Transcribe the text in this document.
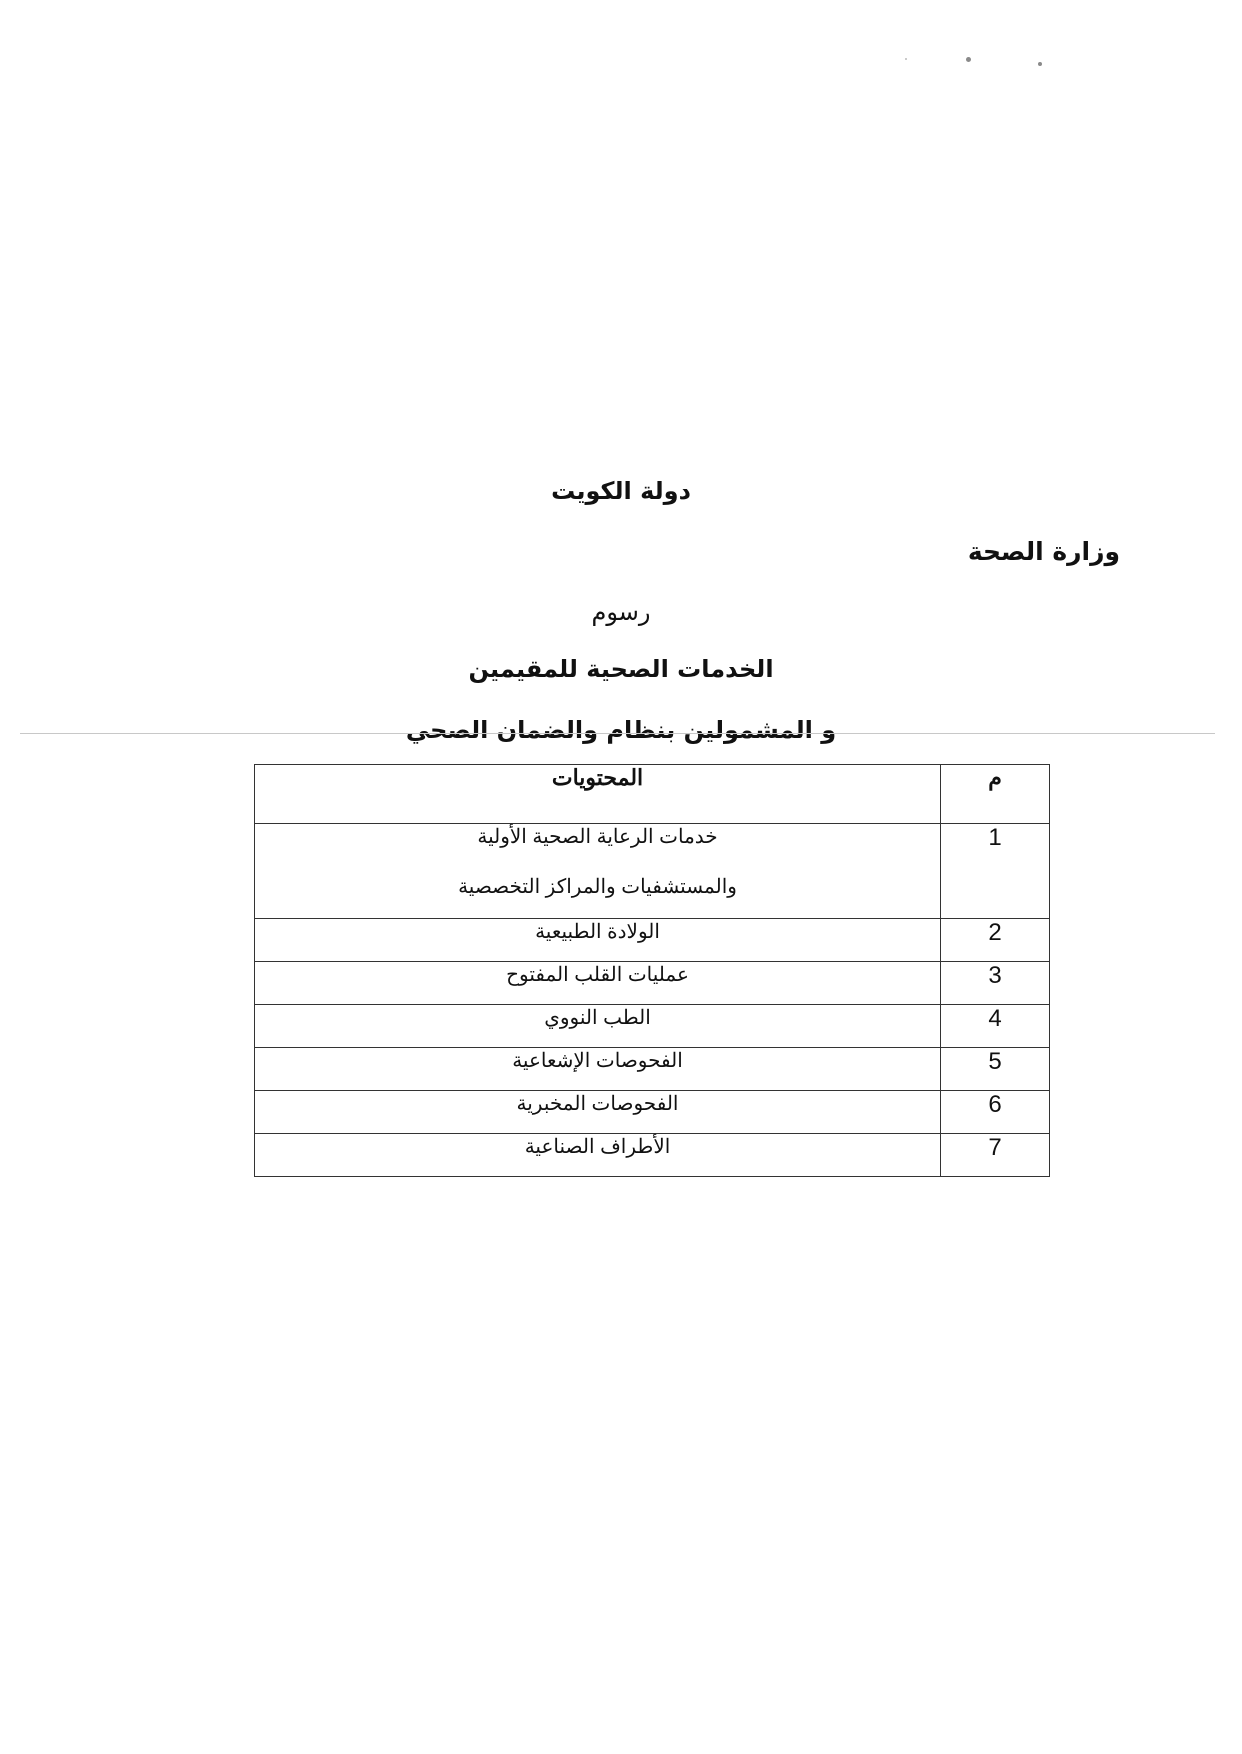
دولة الكويت
وزارة الصحة
رسوم
الخدمات الصحية للمقيمين
و المشمولين بنظام والضمان الصحي
م	المحتويات
1	خدمات الرعاية الصحية الأولية
والمستشفيات والمراكز التخصصية

2	الولادة الطبيعية

3	عمليات القلب المفتوح

4	الطب النووي

5	الفحوصات الإشعاعية

6	الفحوصات المخبرية

7	الأطراف الصناعية
